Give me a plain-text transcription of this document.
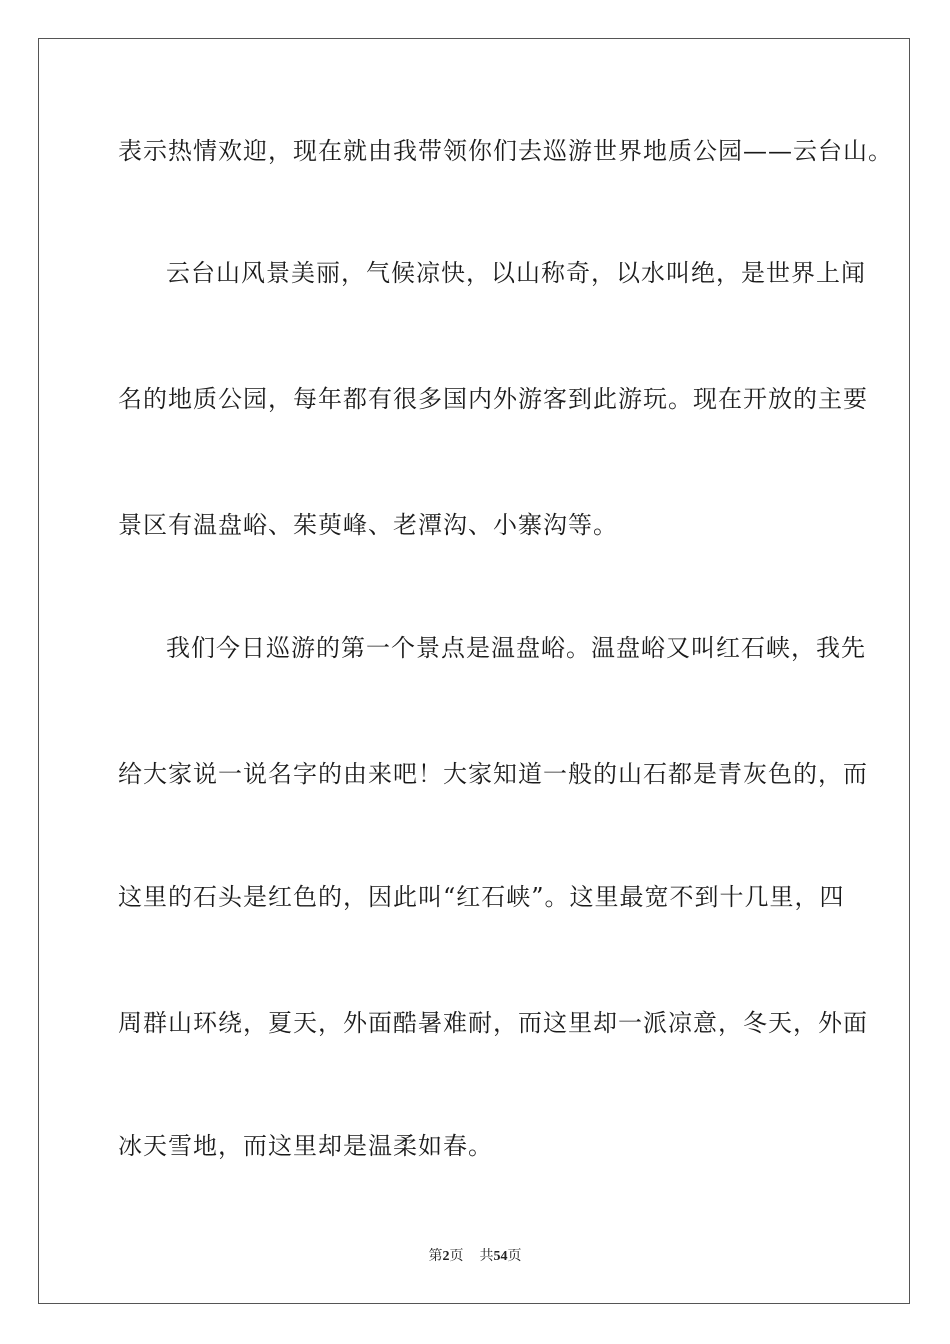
表示热情欢迎，现在就由我带领你们去巡游世界地质公园——云台山。
云台山风景美丽，气候凉快，以山称奇，以水叫绝，是世界上闻
名的地质公园，每年都有很多国内外游客到此游玩。现在开放的主要
景区有温盘峪、茱萸峰、老潭沟、小寨沟等。
我们今日巡游的第一个景点是温盘峪。温盘峪又叫红石峡，我先
给大家说一说名字的由来吧！大家知道一般的山石都是青灰色的，而
这里的石头是红色的，因此叫“红石峡”。这里最宽不到十几里，四
周群山环绕，夏天，外面酷暑难耐，而这里却一派凉意，冬天，外面
冰天雪地，而这里却是温柔如春。
第2页 共54页
